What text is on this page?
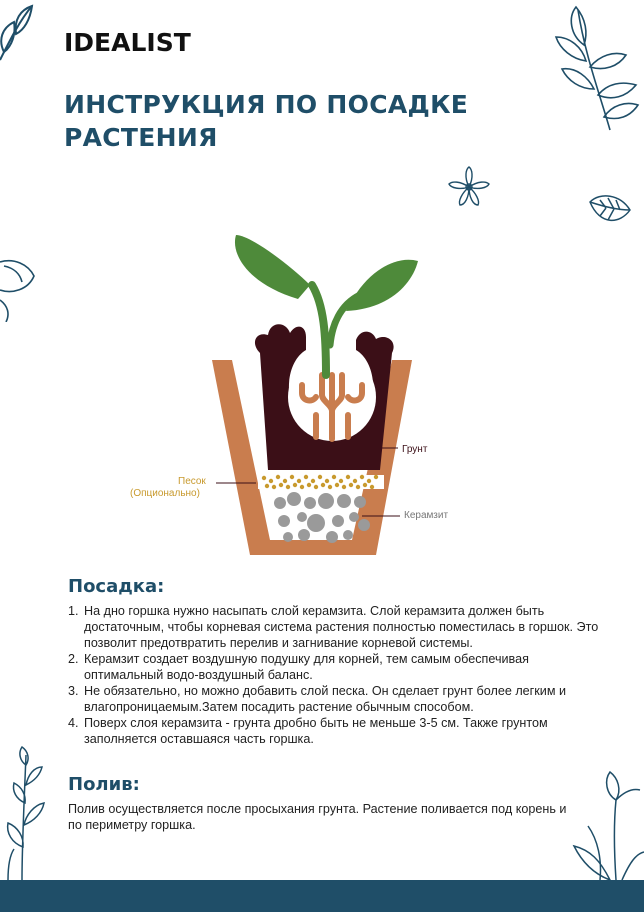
IDEALIST
ИНСТРУКЦИЯ ПО ПОСАДКЕ РАСТЕНИЯ
Грунт
Песок
(Опционально)
Керамзит
Посадка:
1. На дно горшка нужно насыпать слой керамзита. Слой керамзита должен быть достаточным, чтобы корневая система растения полностью поместилась в горшок. Это позволит предотвратить перелив и загнивание корневой системы.
2. Керамзит создает воздушную подушку для корней, тем самым обеспечивая оптимальный водо-воздушный баланс.
3. Не обязательно, но можно добавить слой песка. Он сделает грунт более легким и влагопроницаемым.Затем посадить растение обычным способом.
4. Поверх слоя керамзита - грунта дробно быть не меньше 3-5 см. Также грунтом заполняется оставшаяся часть горшка.
Полив:
Полив осуществляется после просыхания грунта. Растение поливается под корень и по периметру горшка.
